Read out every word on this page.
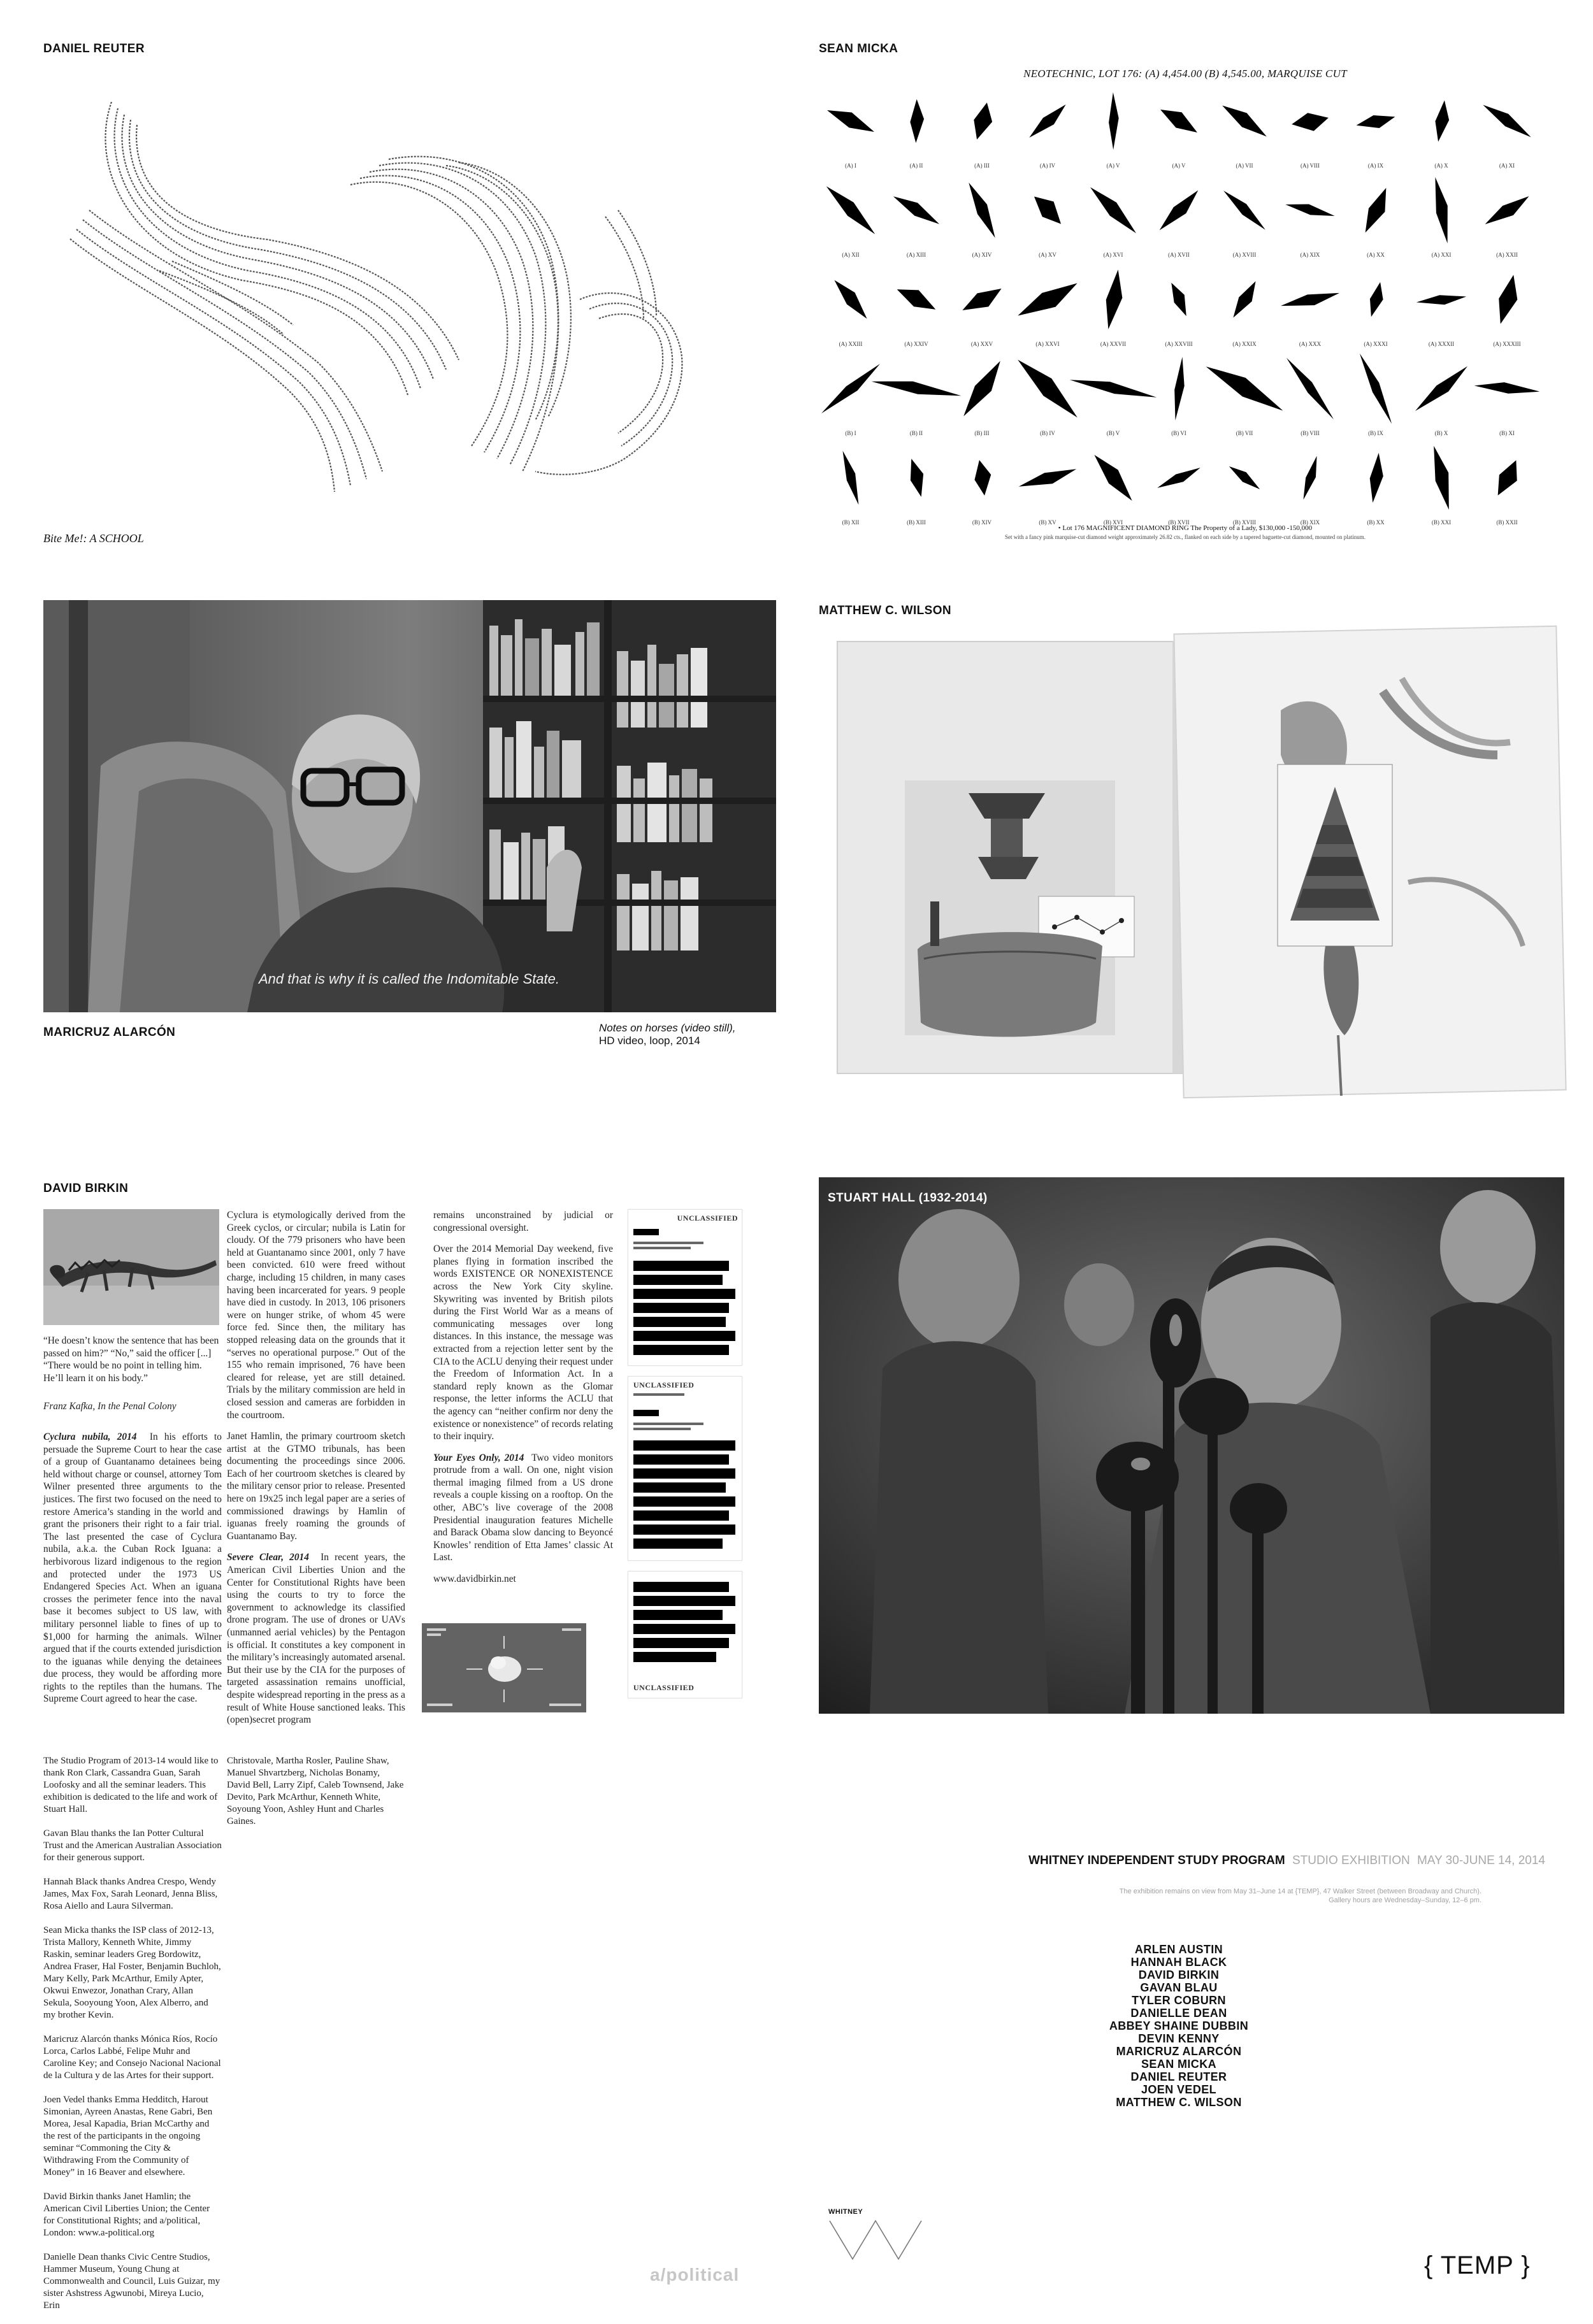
DANIEL REUTER
Bite Me!: A SCHOOL
SEAN MICKA
NEOTECHNIC, LOT 176: (A) 4,454.00 (B) 4,545.00, MARQUISE CUT
(A) I	(A) II	(A) III	(A) IV	(A) V	(A) V	(A) VII	(A) VIII	(A) IX	(A) X	(A) XI
(A) XII	(A) XIII	(A) XIV	(A) XV	(A) XVI	(A) XVII	(A) XVIII	(A) XIX	(A) XX	(A) XXI	(A) XXII
(A) XXIII	(A) XXIV	(A) XXV	(A) XXVI	(A) XXVII	(A) XXVIII	(A) XXIX	(A) XXX	(A) XXXI	(A) XXXII	(A) XXXIII
(B) I	(B) II	(B) III	(B) IV	(B) V	(B) VI	(B) VII	(B) VIII	(B) IX	(B) X	(B) XI
(B) XII	(B) XIII	(B) XIV	(B) XV	(B) XVI	(B) XVII	(B) XVIII	(B) XIX	(B) XX	(B) XXI	(B) XXII
• Lot 176 MAGNIFICENT DIAMOND RING The Property of a Lady, $130,000 -150,000
Set with a fancy pink marquise-cut diamond weight approximately 26.82 cts., flanked on each side by a tapered baguette-cut diamond, mounted on platinum.
And that is why it is called the Indomitable State.
MARICRUZ ALARCÓN	Notes on horses (video still),
HD video, loop, 2014
MATTHEW C. WILSON
DAVID BIRKIN
“He doesn’t know the sentence that has been passed on him?” “No,” said the officer [...] “There would be no point in telling him. He’ll learn it on his body.”
Franz Kafka, In the Penal Colony

Cyclura nubila, 2014 In his efforts to persuade the Supreme Court to hear the case of a group of Guantanamo detainees being held without charge or counsel, attorney Tom Wilner presented three arguments to the justices. The first two focused on the need to restore America’s standing in the world and grant the prisoners their right to a fair trial. The last presented the case of Cyclura nubila, a.k.a. the Cuban Rock Iguana: a herbivorous lizard indigenous to the region and protected under the 1973 US Endangered Species Act. When an iguana crosses the perimeter fence into the naval base it becomes subject to US law, with military personnel liable to fines of up to $1,000 for harming the animals. Wilner argued that if the courts extended jurisdiction to the iguanas while denying the detainees due process, they would be affording more rights to the reptiles than the humans. The Supreme Court agreed to hear the case.

Cyclura is etymologically derived from the Greek cyclos, or circular; nubila is Latin for cloudy. Of the 779 prisoners who have been held at Guantanamo since 2001, only 7 have been convicted. 610 were freed without charge, including 15 children, in many cases having been incarcerated for years. 9 people have died in custody. In 2013, 106 prisoners were on hunger strike, of whom 45 were force fed. Since then, the military has stopped releasing data on the grounds that it “serves no operational purpose.” Out of the 155 who remain imprisoned, 76 have been cleared for release, yet are still detained. Trials by the military commission are held in closed session and cameras are forbidden in the courtroom.

Janet Hamlin, the primary courtroom sketch artist at the GTMO tribunals, has been documenting the proceedings since 2006. Each of her courtroom sketches is cleared by the military censor prior to release. Presented here on 19x25 inch legal paper are a series of commissioned drawings by Hamlin of iguanas freely roaming the grounds of Guantanamo Bay.

Severe Clear, 2014 In recent years, the American Civil Liberties Union and the Center for Constitutional Rights have been using the courts to try to force the government to acknowledge its classified drone program. The use of drones or UAVs (unmanned aerial vehicles) by the Pentagon is official. It constitutes a key component in the military’s increasingly automated arsenal. But their use by the CIA for the purposes of targeted assassination remains unofficial, despite widespread reporting in the press as a result of White House sanctioned leaks. This (open)secret program

remains unconstrained by judicial or congressional oversight.

Over the 2014 Memorial Day weekend, five planes flying in formation inscribed the words EXISTENCE OR NONEXISTENCE across the New York City skyline. Skywriting was invented by British pilots during the First World War as a means of communicating messages over long distances. In this instance, the message was extracted from a rejection letter sent by the CIA to the ACLU denying their request under the Freedom of Information Act. In a standard reply known as the Glomar response, the letter informs the ACLU that the agency can “neither confirm nor deny the existence or nonexistence” of records relating to their inquiry.

Your Eyes Only, 2014 Two video monitors protrude from a wall. On one, night vision thermal imaging filmed from a US drone reveals a couple kissing on a rooftop. On the other, ABC’s live coverage of the 2008 Presidential inauguration features Michelle and Barack Obama slow dancing to Beyoncé Knowles’ rendition of Etta James’ classic At Last.

www.davidbirkin.net

UNCLASSIFIED
UNCLASSIFIED
UNCLASSIFIED
STUART HALL (1932-2014)

The Studio Program of 2013-14 would like to thank Ron Clark, Cassandra Guan, Sarah Loofosky and all the seminar leaders. This exhibition is dedicated to the life and work of Stuart Hall.

Gavan Blau thanks the Ian Potter Cultural Trust and the American Australian Association for their generous support.

Hannah Black thanks Andrea Crespo, Wendy James, Max Fox, Sarah Leonard, Jenna Bliss, Rosa Aiello and Laura Silverman.

Sean Micka thanks the ISP class of 2012-13, Trista Mallory, Kenneth White, Jimmy Raskin, seminar leaders Greg Bordowitz, Andrea Fraser, Hal Foster, Benjamin Buchloh, Mary Kelly, Park McArthur, Emily Apter, Okwui Enwezor, Jonathan Crary, Allan Sekula, Sooyoung Yoon, Alex Alberro, and my brother Kevin.

Maricruz Alarcón thanks Mónica Ríos, Rocío Lorca, Carlos Labbé, Felipe Muhr and Caroline Key; and Consejo Nacional Nacional de la Cultura y de las Artes for their support.

Joen Vedel thanks Emma Hedditch, Harout Simonian, Ayreen Anastas, Rene Gabri, Ben Morea, Jesal Kapadia, Brian McCarthy and the rest of the participants in the ongoing seminar “Commoning the City & Withdrawing From the Community of Money” in 16 Beaver and elsewhere.

David Birkin thanks Janet Hamlin; the American Civil Liberties Union; the Center for Constitutional Rights; and a/political, London: www.a-political.org

Danielle Dean thanks Civic Centre Studios, Hammer Museum, Young Chung at Commonwealth and Council, Luis Guizar, my sister Ashstress Agwunobi, Mireya Lucio, Erin

Christovale, Martha Rosler, Pauline Shaw, Manuel Shvartzberg, Nicholas Bonamy, David Bell, Larry Zipf, Caleb Townsend, Jake Devito, Park McArthur, Kenneth White, Soyoung Yoon, Ashley Hunt and Charles Gaines.

WHITNEY INDEPENDENT STUDY PROGRAM STUDIO EXHIBITION MAY 30-JUNE 14, 2014
The exhibition remains on view from May 31–June 14 at {TEMP}, 47 Walker Street (between Broadway and Church).
Gallery hours are Wednesday–Sunday, 12–6 pm.
ARLEN AUSTIN
HANNAH BLACK
DAVID BIRKIN
GAVAN BLAU
TYLER COBURN
DANIELLE DEAN
ABBEY SHAINE DUBBIN
DEVIN KENNY
MARICRUZ ALARCÓN
SEAN MICKA
DANIEL REUTER
JOEN VEDEL
MATTHEW C. WILSON
a/political
WHITNEY
{ TEMP }
